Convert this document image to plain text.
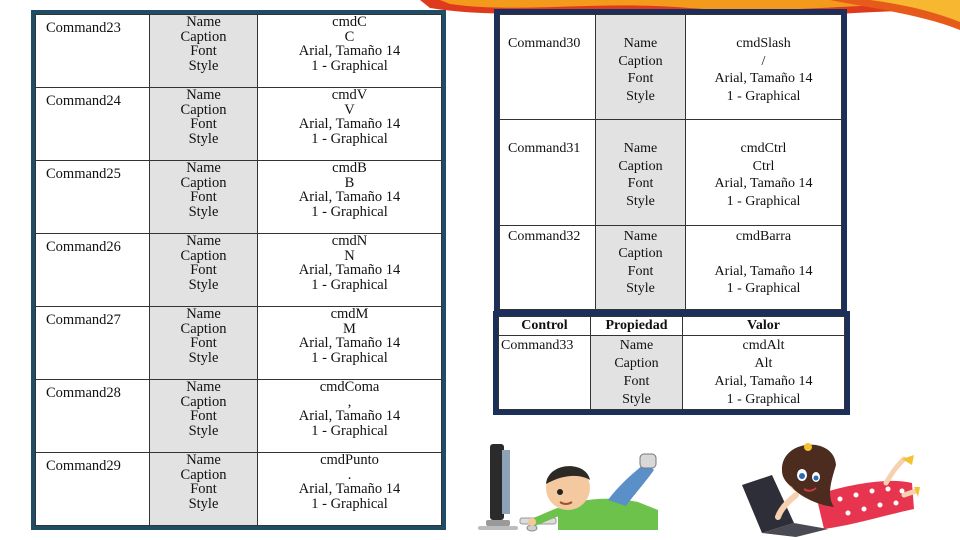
Command23	Name
Caption
Font
Style	cmdC
C
Arial, Tamaño 14
1 - Graphical

Command24	Name
Caption
Font
Style	cmdV
V
Arial, Tamaño 14
1 - Graphical

Command25	Name
Caption
Font
Style	cmdB
B
Arial, Tamaño 14
1 - Graphical

Command26	Name
Caption
Font
Style	cmdN
N
Arial, Tamaño 14
1 - Graphical

Command27	Name
Caption
Font
Style	cmdM
M
Arial, Tamaño 14
1 - Graphical

Command28	Name
Caption
Font
Style	cmdComa
,
Arial, Tamaño 14
1 - Graphical

Command29	Name
Caption
Font
Style	cmdPunto
.
Arial, Tamaño 14
1 - Graphical
Command30	Name
Caption
Font
Style	cmdSlash
/
Arial, Tamaño 14
1 - Graphical

Command31	Name
Caption
Font
Style	cmdCtrl
Ctrl
Arial, Tamaño 14
1 - Graphical

Command32	Name
Caption
Font
Style	cmdBarra
Arial, Tamaño 14
1 - Graphical
Control	Propiedad	Valor
Command33	Name
Caption
Font
Style	cmdAlt
Alt
Arial, Tamaño 14
1 - Graphical
